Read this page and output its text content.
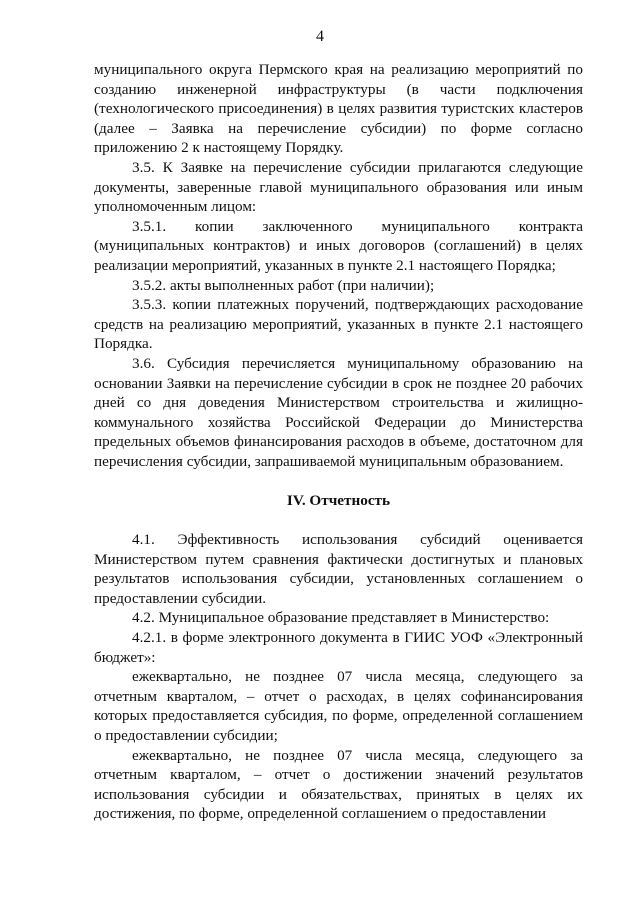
4

муниципального округа Пермского края на реализацию мероприятий по созданию инженерной инфраструктуры (в части подключения (технологического присоединения) в целях развития туристских кластеров (далее – Заявка на перечисление субсидии) по форме согласно приложению 2 к настоящему Порядку.

3.5. К Заявке на перечисление субсидии прилагаются следующие документы, заверенные главой муниципального образования или иным уполномоченным лицом:

3.5.1. копии заключенного муниципального контракта (муниципальных контрактов) и иных договоров (соглашений) в целях реализации мероприятий, указанных в пункте 2.1 настоящего Порядка;

3.5.2. акты выполненных работ (при наличии);

3.5.3. копии платежных поручений, подтверждающих расходование средств на реализацию мероприятий, указанных в пункте 2.1 настоящего Порядка.

3.6. Субсидия перечисляется муниципальному образованию на основании Заявки на перечисление субсидии в срок не позднее 20 рабочих дней со дня доведения Министерством строительства и жилищно-коммунального хозяйства Российской Федерации до Министерства предельных объемов финансирования расходов в объеме, достаточном для перечисления субсидии, запрашиваемой муниципальным образованием.

IV. Отчетность

4.1. Эффективность использования субсидий оценивается Министерством путем сравнения фактически достигнутых и плановых результатов использования субсидии, установленных соглашением о предоставлении субсидии.

4.2. Муниципальное образование представляет в Министерство:

4.2.1. в форме электронного документа в ГИИС УОФ «Электронный бюджет»:

ежеквартально, не позднее 07 числа месяца, следующего за отчетным кварталом, – отчет о расходах, в целях софинансирования которых предоставляется субсидия, по форме, определенной соглашением о предоставлении субсидии;

ежеквартально, не позднее 07 числа месяца, следующего за отчетным кварталом, – отчет о достижении значений результатов использования субсидии и обязательствах, принятых в целях их достижения, по форме, определенной соглашением о предоставлении
